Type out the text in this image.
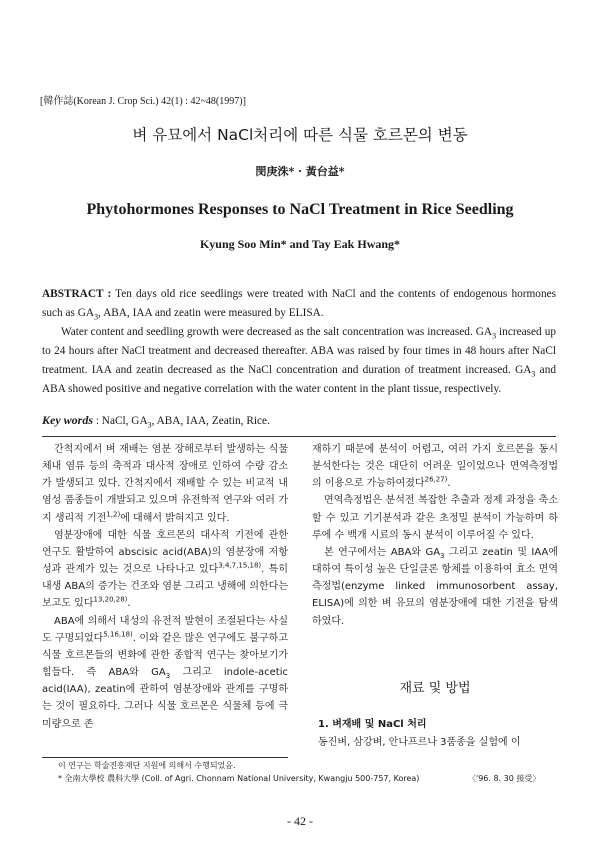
[韓作誌(Korean J. Crop Sci.) 42(1) : 42~48(1997)]
벼 유묘에서 NaCl처리에 따른 식물 호르몬의 변동
閔庚洙* · 黃台益*
Phytohormones Responses to NaCl Treatment in Rice Seedling
Kyung Soo Min* and Tay Eak Hwang*

ABSTRACT : Ten days old rice seedlings were treated with NaCl and the contents of endogenous hormones such as $GA_3$, ABA, IAA and zeatin were measured by ELISA.

Water content and seedling growth were decreased as the salt concentration was increased. $GA_3$ increased up to 24 hours after NaCl treatment and decreased thereafter. ABA was raised by four times in 48 hours after NaCl treatment. IAA and zeatin decreased as the NaCl concentration and duration of treatment increased. $GA_3$ and ABA showed positive and negative correlation with the water content in the plant tissue, respectively.

Key words : NaCl, $GA_3$, ABA, IAA, Zeatin, Rice.

간척지에서 벼 재배는 염분 장해로부터 발생하는 식물체내 염류 등의 축적과 대사적 장애로 인하여 수량 감소가 발생되고 있다. 간척지에서 재배할 수 있는 비교적 내염성 품종들이 개발되고 있으며 유전학적 연구와 여러 가지 생리적 기전$^{1,2)}$에 대해서 밝혀지고 있다.

염분장애에 대한 식물 호르몬의 대사적 기전에 관한 연구도 활발하여 abscisic acid(ABA)의 염분장애 저항성과 관계가 있는 것으로 나타나고 있다$^{3,4,7,15,18)}$. 특히 내생 ABA의 증가는 건조와 염분 그리고 냉해에 의한다는 보고도 있다$^{13,20,28)}$.

ABA에 의해서 내성의 유전적 발현이 조절된다는 사실도 구명되었다$^{5,16,18)}$. 이와 같은 많은 연구에도 불구하고 식물 호르몬들의 변화에 관한 종합적 연구는 찾아보기가 힘들다. 즉 ABA와 $GA_3$ 그리고 indole-acetic acid(IAA), zeatin에 관하여 염분장애와 관계를 구명하는 것이 필요하다. 그러나 식물 호르몬은 식물체 등에 극미량으로 존

재하기 때문에 분석이 어렵고, 여러 가지 호르몬을 동시 분석한다는 것은 대단히 어려운 일이었으나 면역측정법의 이용으로 가능하여졌다$^{26,27)}$.

면역측정법은 분석전 복잡한 추출과 정제 과정을 축소할 수 있고 기기분석과 같은 초정밀 분석이 가능하며 하루에 수 백개 시료의 동시 분석이 이루어질 수 있다.

본 연구에서는 ABA와 $GA_3$ 그리고 zeatin 및 IAA에 대하여 특이성 높은 단일클론 항체를 이용하여 효소 면역 측정법(enzyme linked immunosorbent assay, ELISA)에 의한 벼 유묘의 염분장애에 대한 기전을 탐색하였다.

재료 및 방법
1. 벼재배 및 NaCl 처리
동진벼, 삼강벼, 안나프르나 3품종을 실험에 이
이 연구는 학술진흥재단 지원에 의해서 수행되었음.
* 全南大學校 農科大學 (Coll. of Agri. Chonnam National University, Kwangju 500-757, Korea)	〈'96. 8. 30 接受〉
- 42 -
